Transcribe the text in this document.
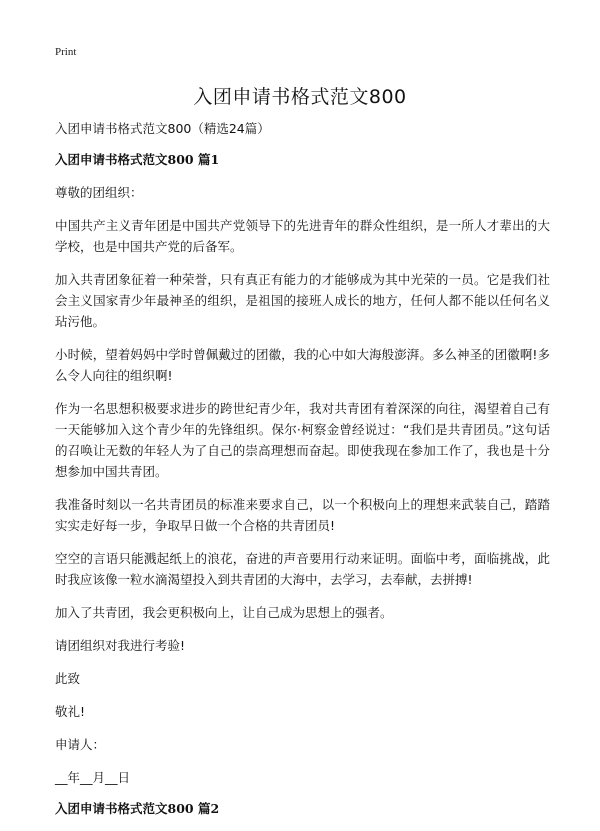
Print
入团申请书格式范文800
入团申请书格式范文800（精选24篇）
入团申请书格式范文800 篇1

尊敬的团组织：

中国共产主义青年团是中国共产党领导下的先进青年的群众性组织，是一所人才辈出的大学校，也是中国共产党的后备军。

加入共青团象征着一种荣誉，只有真正有能力的才能够成为其中光荣的一员。它是我们社会主义国家青少年最神圣的组织，是祖国的接班人成长的地方，任何人都不能以任何名义玷污他。

小时候，望着妈妈中学时曾佩戴过的团徽，我的心中如大海般澎湃。多么神圣的团徽啊!多么令人向往的组织啊!

作为一名思想积极要求进步的跨世纪青少年，我对共青团有着深深的向往，渴望着自己有一天能够加入这个青少年的先锋组织。保尔·柯察金曾经说过：“我们是共青团员。”这句话的召唤让无数的年轻人为了自己的崇高理想而奋起。即使我现在参加工作了，我也是十分想参加中国共青团。

我准备时刻以一名共青团员的标准来要求自己，以一个积极向上的理想来武装自己，踏踏实实走好每一步，争取早日做一个合格的共青团员!

空空的言语只能溅起纸上的浪花，奋进的声音要用行动来证明。面临中考，面临挑战，此时我应该像一粒水滴渴望投入到共青团的大海中，去学习，去奉献，去拼搏!

加入了共青团，我会更积极向上，让自己成为思想上的强者。

请团组织对我进行考验!

此致

敬礼!

申请人：

__年__月__日

入团申请书格式范文800 篇2
